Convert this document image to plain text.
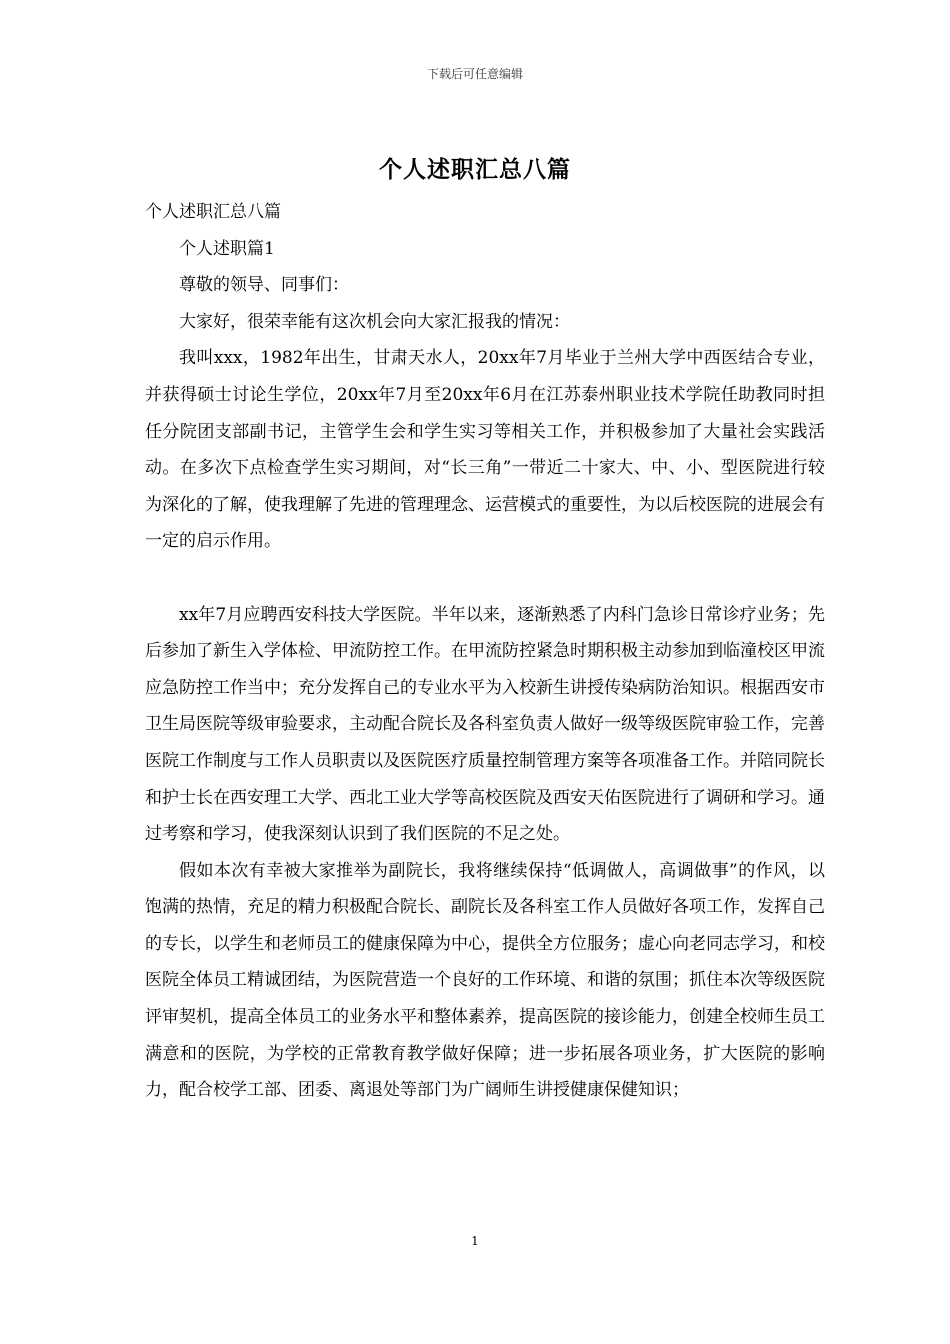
下载后可任意编辑
个人述职汇总八篇

个人述职汇总八篇

个人述职篇1

尊敬的领导、同事们：

大家好，很荣幸能有这次机会向大家汇报我的情况：

我叫xxx，1982年出生，甘肃天水人，20xx年7月毕业于兰州大学中西医结合专业，并获得硕士讨论生学位，20xx年7月至20xx年6月在江苏泰州职业技术学院任助教同时担任分院团支部副书记，主管学生会和学生实习等相关工作，并积极参加了大量社会实践活动。在多次下点检查学生实习期间，对“长三角”一带近二十家大、中、小、型医院进行较为深化的了解，使我理解了先进的管理理念、运营模式的重要性，为以后校医院的进展会有一定的启示作用。

xx年7月应聘西安科技大学医院。半年以来，逐渐熟悉了内科门急诊日常诊疗业务；先后参加了新生入学体检、甲流防控工作。在甲流防控紧急时期积极主动参加到临潼校区甲流应急防控工作当中；充分发挥自己的专业水平为入校新生讲授传染病防治知识。根据西安市卫生局医院等级审验要求，主动配合院长及各科室负责人做好一级等级医院审验工作，完善医院工作制度与工作人员职责以及医院医疗质量控制管理方案等各项准备工作。并陪同院长和护士长在西安理工大学、西北工业大学等高校医院及西安天佑医院进行了调研和学习。通过考察和学习，使我深刻认识到了我们医院的不足之处。

假如本次有幸被大家推举为副院长，我将继续保持“低调做人，高调做事”的作风，以饱满的热情，充足的精力积极配合院长、副院长及各科室工作人员做好各项工作，发挥自己的专长，以学生和老师员工的健康保障为中心，提供全方位服务；虚心向老同志学习，和校医院全体员工精诚团结，为医院营造一个良好的工作环境、和谐的氛围；抓住本次等级医院评审契机，提高全体员工的业务水平和整体素养，提高医院的接诊能力，创建全校师生员工满意和的医院，为学校的正常教育教学做好保障；进一步拓展各项业务，扩大医院的影响力，配合校学工部、团委、离退处等部门为广阔师生讲授健康保健知识；

1
